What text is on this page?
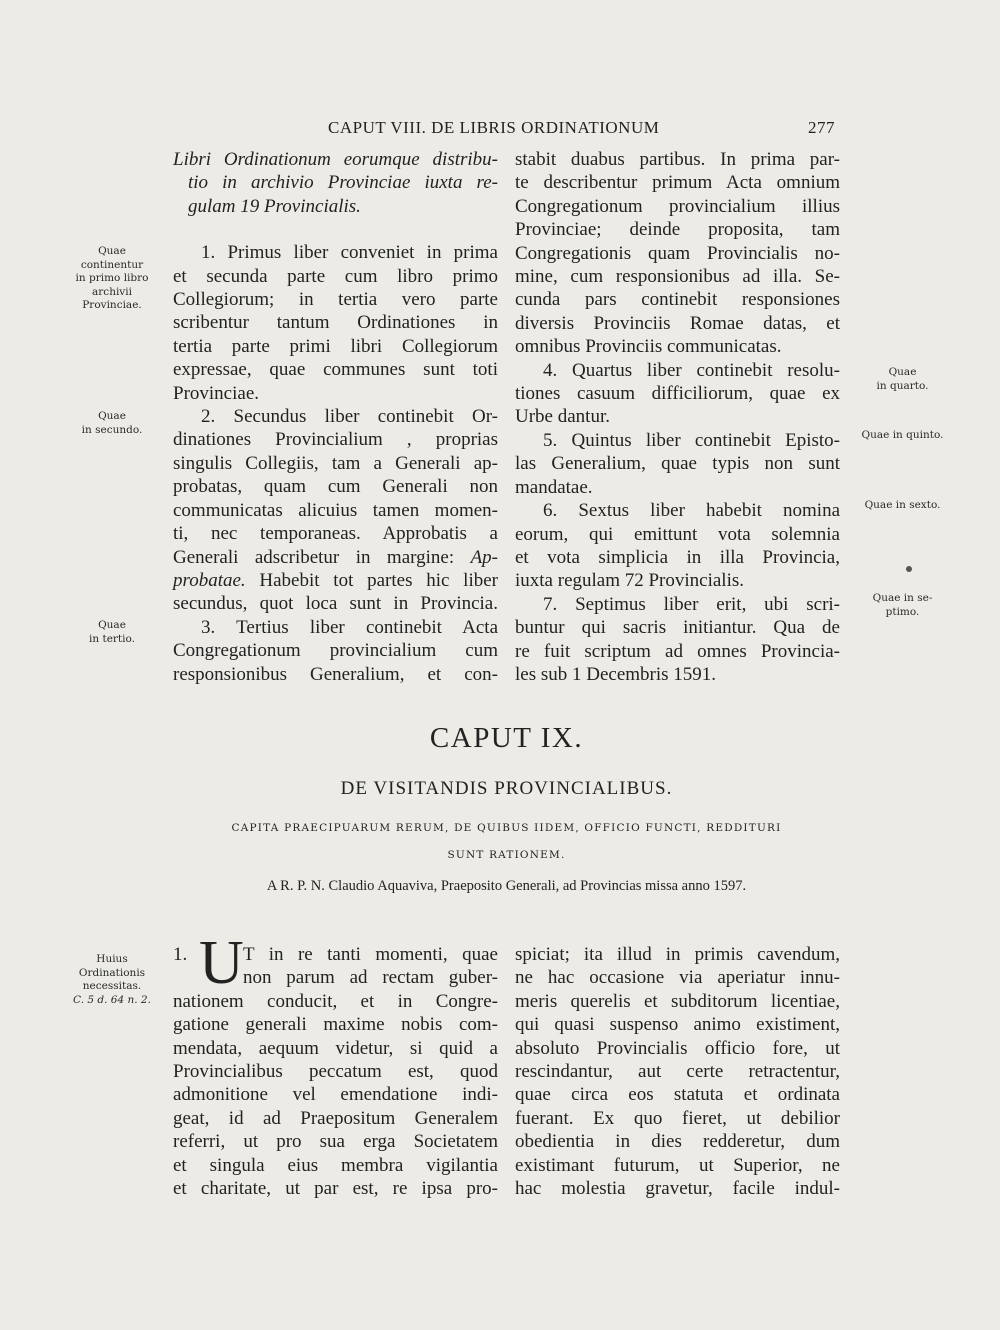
CAPUT VIII. DE LIBRIS ORDINATIONUM	277
Libri Ordinationum eorumque distribu-
tio in archivio Provinciae iuxta re-
gulam 19 Provincialis.
1. Primus liber conveniet in prima
et secunda parte cum libro primo
Collegiorum; in tertia vero parte
scribentur tantum Ordinationes in
tertia parte primi libri Collegiorum
expressae, quae communes sunt toti
Provinciae.
2. Secundus liber continebit Or-
dinationes Provincialium , proprias
singulis Collegiis, tam a Generali ap-
probatas, quam cum Generali non
communicatas alicuius tamen momen-
ti, nec temporaneas. Approbatis a
Generali adscribetur in margine: Ap-
probatae. Habebit tot partes hic liber
secundus, quot loca sunt in Provincia.
3. Tertius liber continebit Acta
Congregationum provincialium cum
responsionibus Generalium, et con-
stabit duabus partibus. In prima par-
te describentur primum Acta omnium
Congregationum provincialium illius
Provinciae; deinde proposita, tam
Congregationis quam Provincialis no-
mine, cum responsionibus ad illa. Se-
cunda pars continebit responsiones
diversis Provinciis Romae datas, et
omnibus Provinciis communicatas.
4. Quartus liber continebit resolu-
tiones casuum difficiliorum, quae ex
Urbe dantur.
5. Quintus liber continebit Episto-
las Generalium, quae typis non sunt
mandatae.
6. Sextus liber habebit nomina
eorum, qui emittunt vota solemnia
et vota simplicia in illa Provincia,
iuxta regulam 72 Provincialis.
7. Septimus liber erit, ubi scri-
buntur qui sacris initiantur. Qua de
re fuit scriptum ad omnes Provincia-
les sub 1 Decembris 1591.
Quae
continentur
in primo libro
archivii
Provinciae.
Quae
in secundo.
Quae
in tertio.
Huius
Ordinationis
necessitas.
C. 5 d. 64 n. 2.
Quae
in quarto.
Quae in quinto.
Quae in sexto.
Quae in se-
ptimo.
CAPUT IX.
DE VISITANDIS PROVINCIALIBUS.
CAPITA PRAECIPUARUM RERUM, DE QUIBUS IIDEM, OFFICIO FUNCTI, REDDITURI
SUNT RATIONEM.
A R. P. N. Claudio Aquaviva, Praeposito Generali, ad Provincias missa anno 1597.
U
1.	T in re tanti momenti, quae
non parum ad rectam guber-
nationem conducit, et in Congre-
gatione generali maxime nobis com-
mendata, aequum videtur, si quid a
Provincialibus peccatum est, quod
admonitione vel emendatione indi-
geat, id ad Praepositum Generalem
referri, ut pro sua erga Societatem
et singula eius membra vigilantia
et charitate, ut par est, re ipsa pro-
spiciat; ita illud in primis cavendum,
ne hac occasione via aperiatur innu-
meris querelis et subditorum licentiae,
qui quasi suspenso animo existiment,
absoluto Provincialis officio fore, ut
rescindantur, aut certe retractentur,
quae circa eos statuta et ordinata
fuerant. Ex quo fieret, ut debilior
obedientia in dies redderetur, dum
existimant futurum, ut Superior, ne
hac molestia gravetur, facile indul-
